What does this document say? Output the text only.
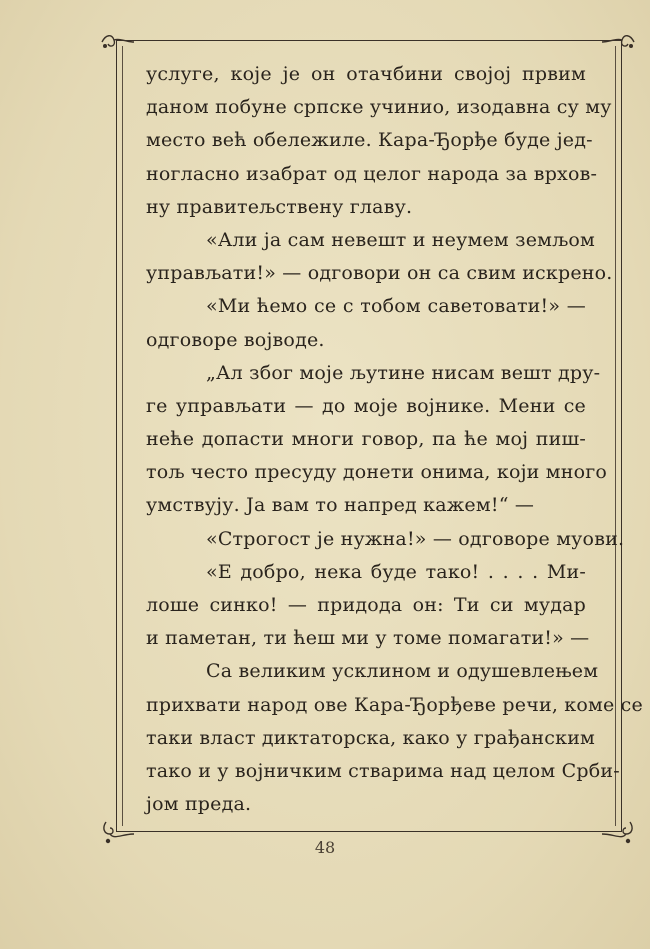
услуге, које је он отачбини својој првим
даном побуне српске учинио, изодавна су му
место већ обележиле. Кара-Ђорђе буде јед-
ногласно изабрат од целог народа за врхов-
ну правитељствену главу.
«Али ја сам невешт и неумем земљом
управљати!» — одговори он са свим искрено.
«Ми ћемо се с тобом саветовати!» —
одговоре војводе.
„Ал због моје љутине нисам вешт дру-
ге управљати — до моје војнике. Мени се
неће допасти многи говор, па ће мој пиш-
тољ често пресуду донети онима, који много
умствују. Ја вам то напред кажем!“ —
«Строгост је нужна!» — одговоре муови.
«Е добро, нека буде тако! . . . . Ми-
лоше синко! — придода он: Ти си мудар
и паметан, ти ћеш ми у томе помагати!» —
Са великим усклином и одушевлењем
прихвати народ ове Кара-Ђорђеве речи, коме се
таки власт диктаторска, како у грађанским
тако и у војничким стварима над целом Срби-
јом преда.
48
